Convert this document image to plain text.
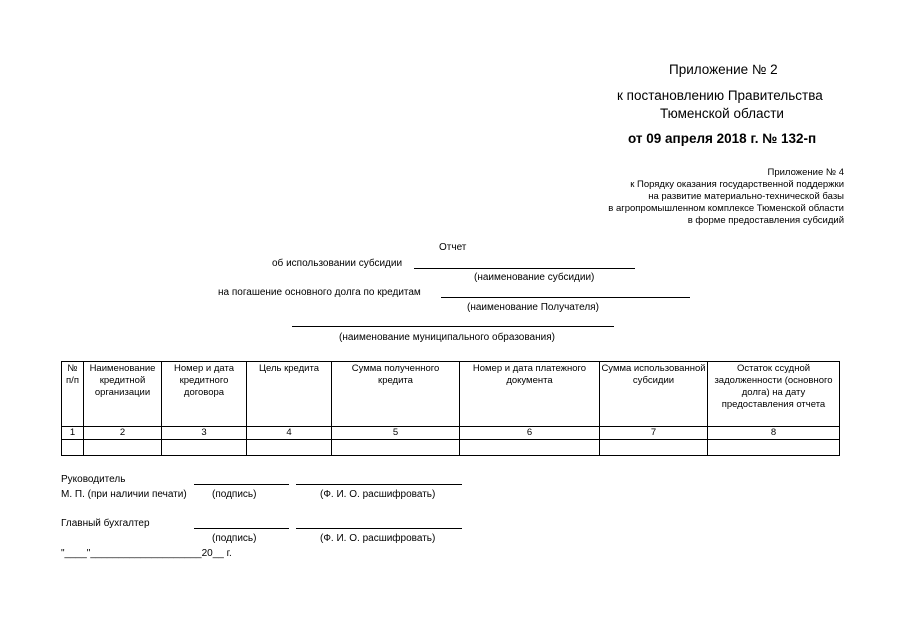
Приложение № 2
к постановлению Правительства
Тюменской области
от 09 апреля 2018 г. № 132-п
Приложение № 4
к Порядку оказания государственной поддержки
на развитие материально-технической базы
в агропромышленном комплексе Тюменской области
в форме предоставления субсидий
Отчет
об использовании субсидии
(наименование субсидии)
на погашение основного долга по кредитам
(наименование Получателя)
(наименование муниципального образования)
№ п/п	Наименование кредитной организации	Номер и дата кредитного договора	Цель кредита	Сумма полученного кредита	Номер и дата платежного документа	Сумма использованной субсидии	Остаток ссудной задолженности (основного долга) на дату предоставления отчета
1	2	3	4	5	6	7	8

Руководитель
М. П. (при наличии печати)	(подпись)	(Ф. И. О. расшифровать)
Главный бухгалтер
(подпись)	(Ф. И. О. расшифровать)
"____"____________________20__ г.
